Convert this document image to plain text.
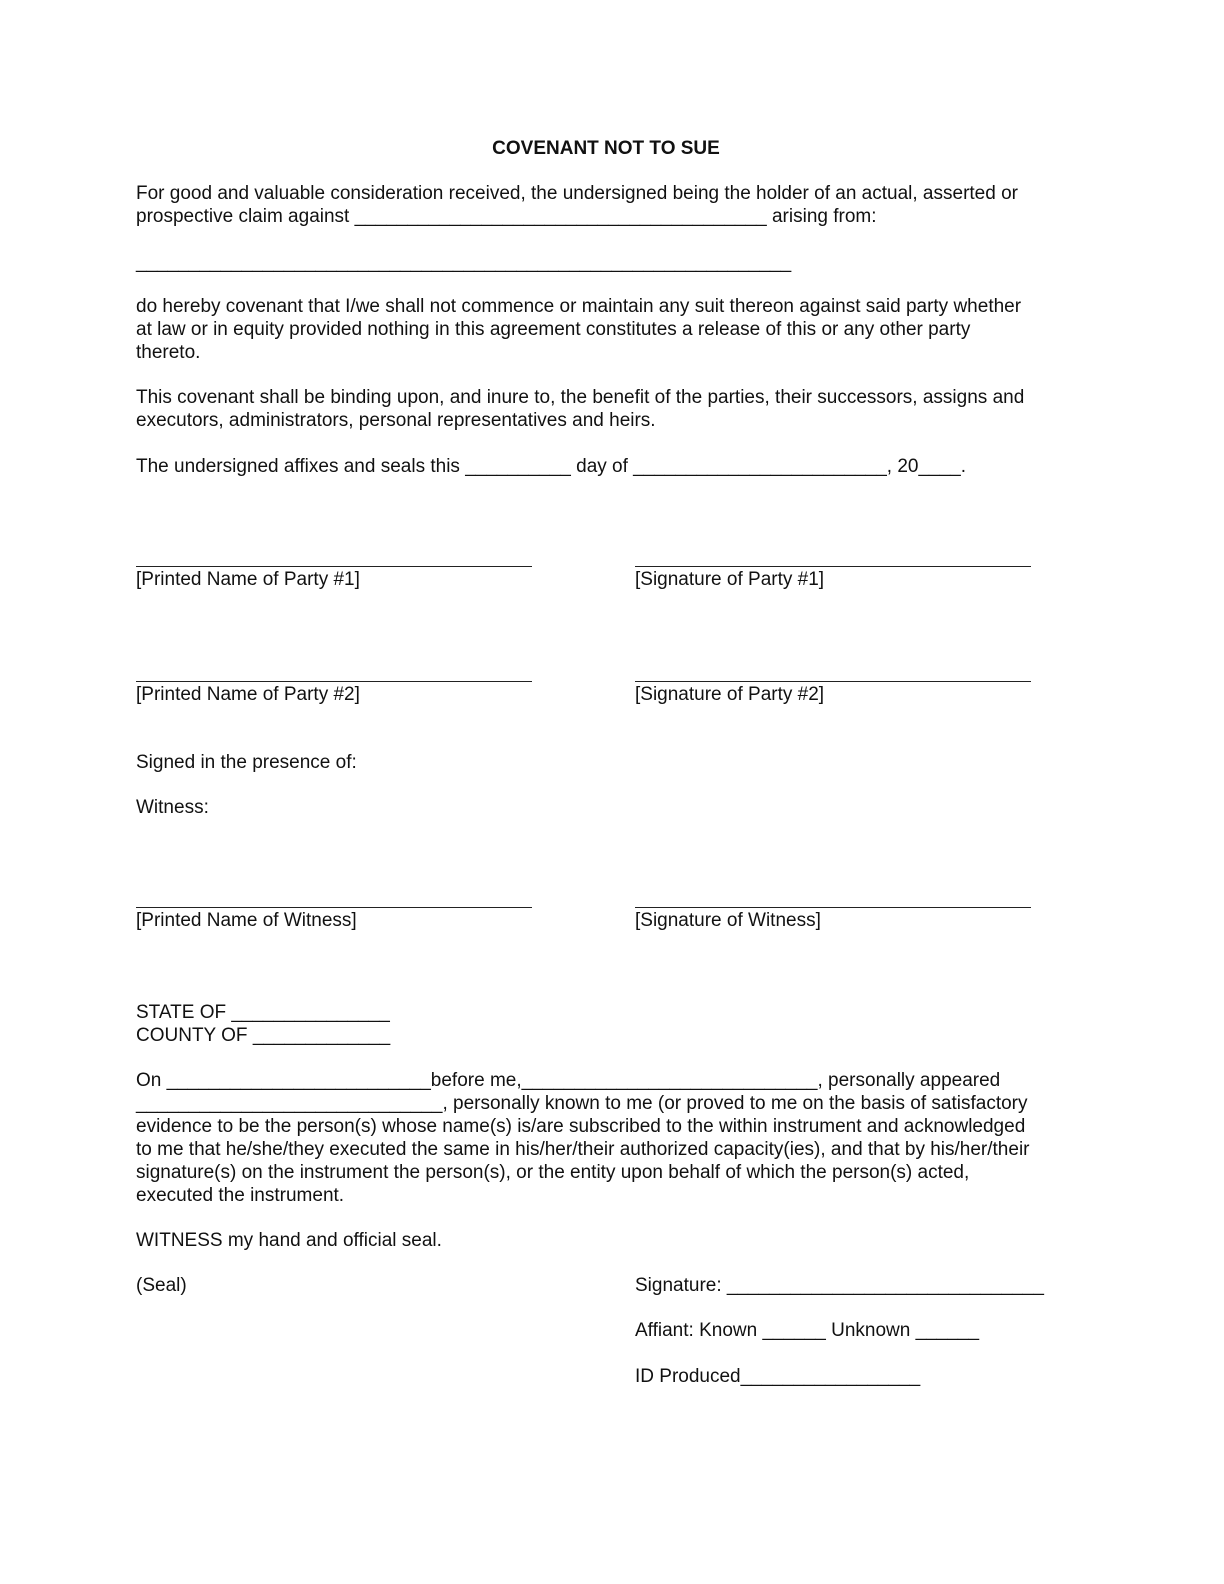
COVENANT NOT TO SUE

For good and valuable consideration received, the undersigned being the holder of an actual, asserted or

prospective claim against _______________________________________ arising from:

______________________________________________________________

do hereby covenant that I/we shall not commence or maintain any suit thereon against said party whether

at law or in equity provided nothing in this agreement constitutes a release of this or any other party

thereto.

This covenant shall be binding upon, and inure to, the benefit of the parties, their successors, assigns and

executors, administrators, personal representatives and heirs.

The undersigned affixes and seals this __________ day of ________________________, 20____.

[Printed Name of Party #1]	[Signature of Party #1]

[Printed Name of Party #2]	[Signature of Party #2]

Signed in the presence of:

Witness:

[Printed Name of Witness]	[Signature of Witness]

STATE OF _______________

COUNTY OF _____________

On _________________________before me,____________________________, personally appeared

_____________________________, personally known to me (or proved to me on the basis of satisfactory

evidence to be the person(s) whose name(s) is/are subscribed to the within instrument and acknowledged

to me that he/she/they executed the same in his/her/their authorized capacity(ies), and that by his/her/their

signature(s) on the instrument the person(s), or the entity upon behalf of which the person(s) acted,

executed the instrument.

WITNESS my hand and official seal.

(Seal)	Signature: ______________________________

Affiant: Known ______ Unknown ______

ID Produced_________________
